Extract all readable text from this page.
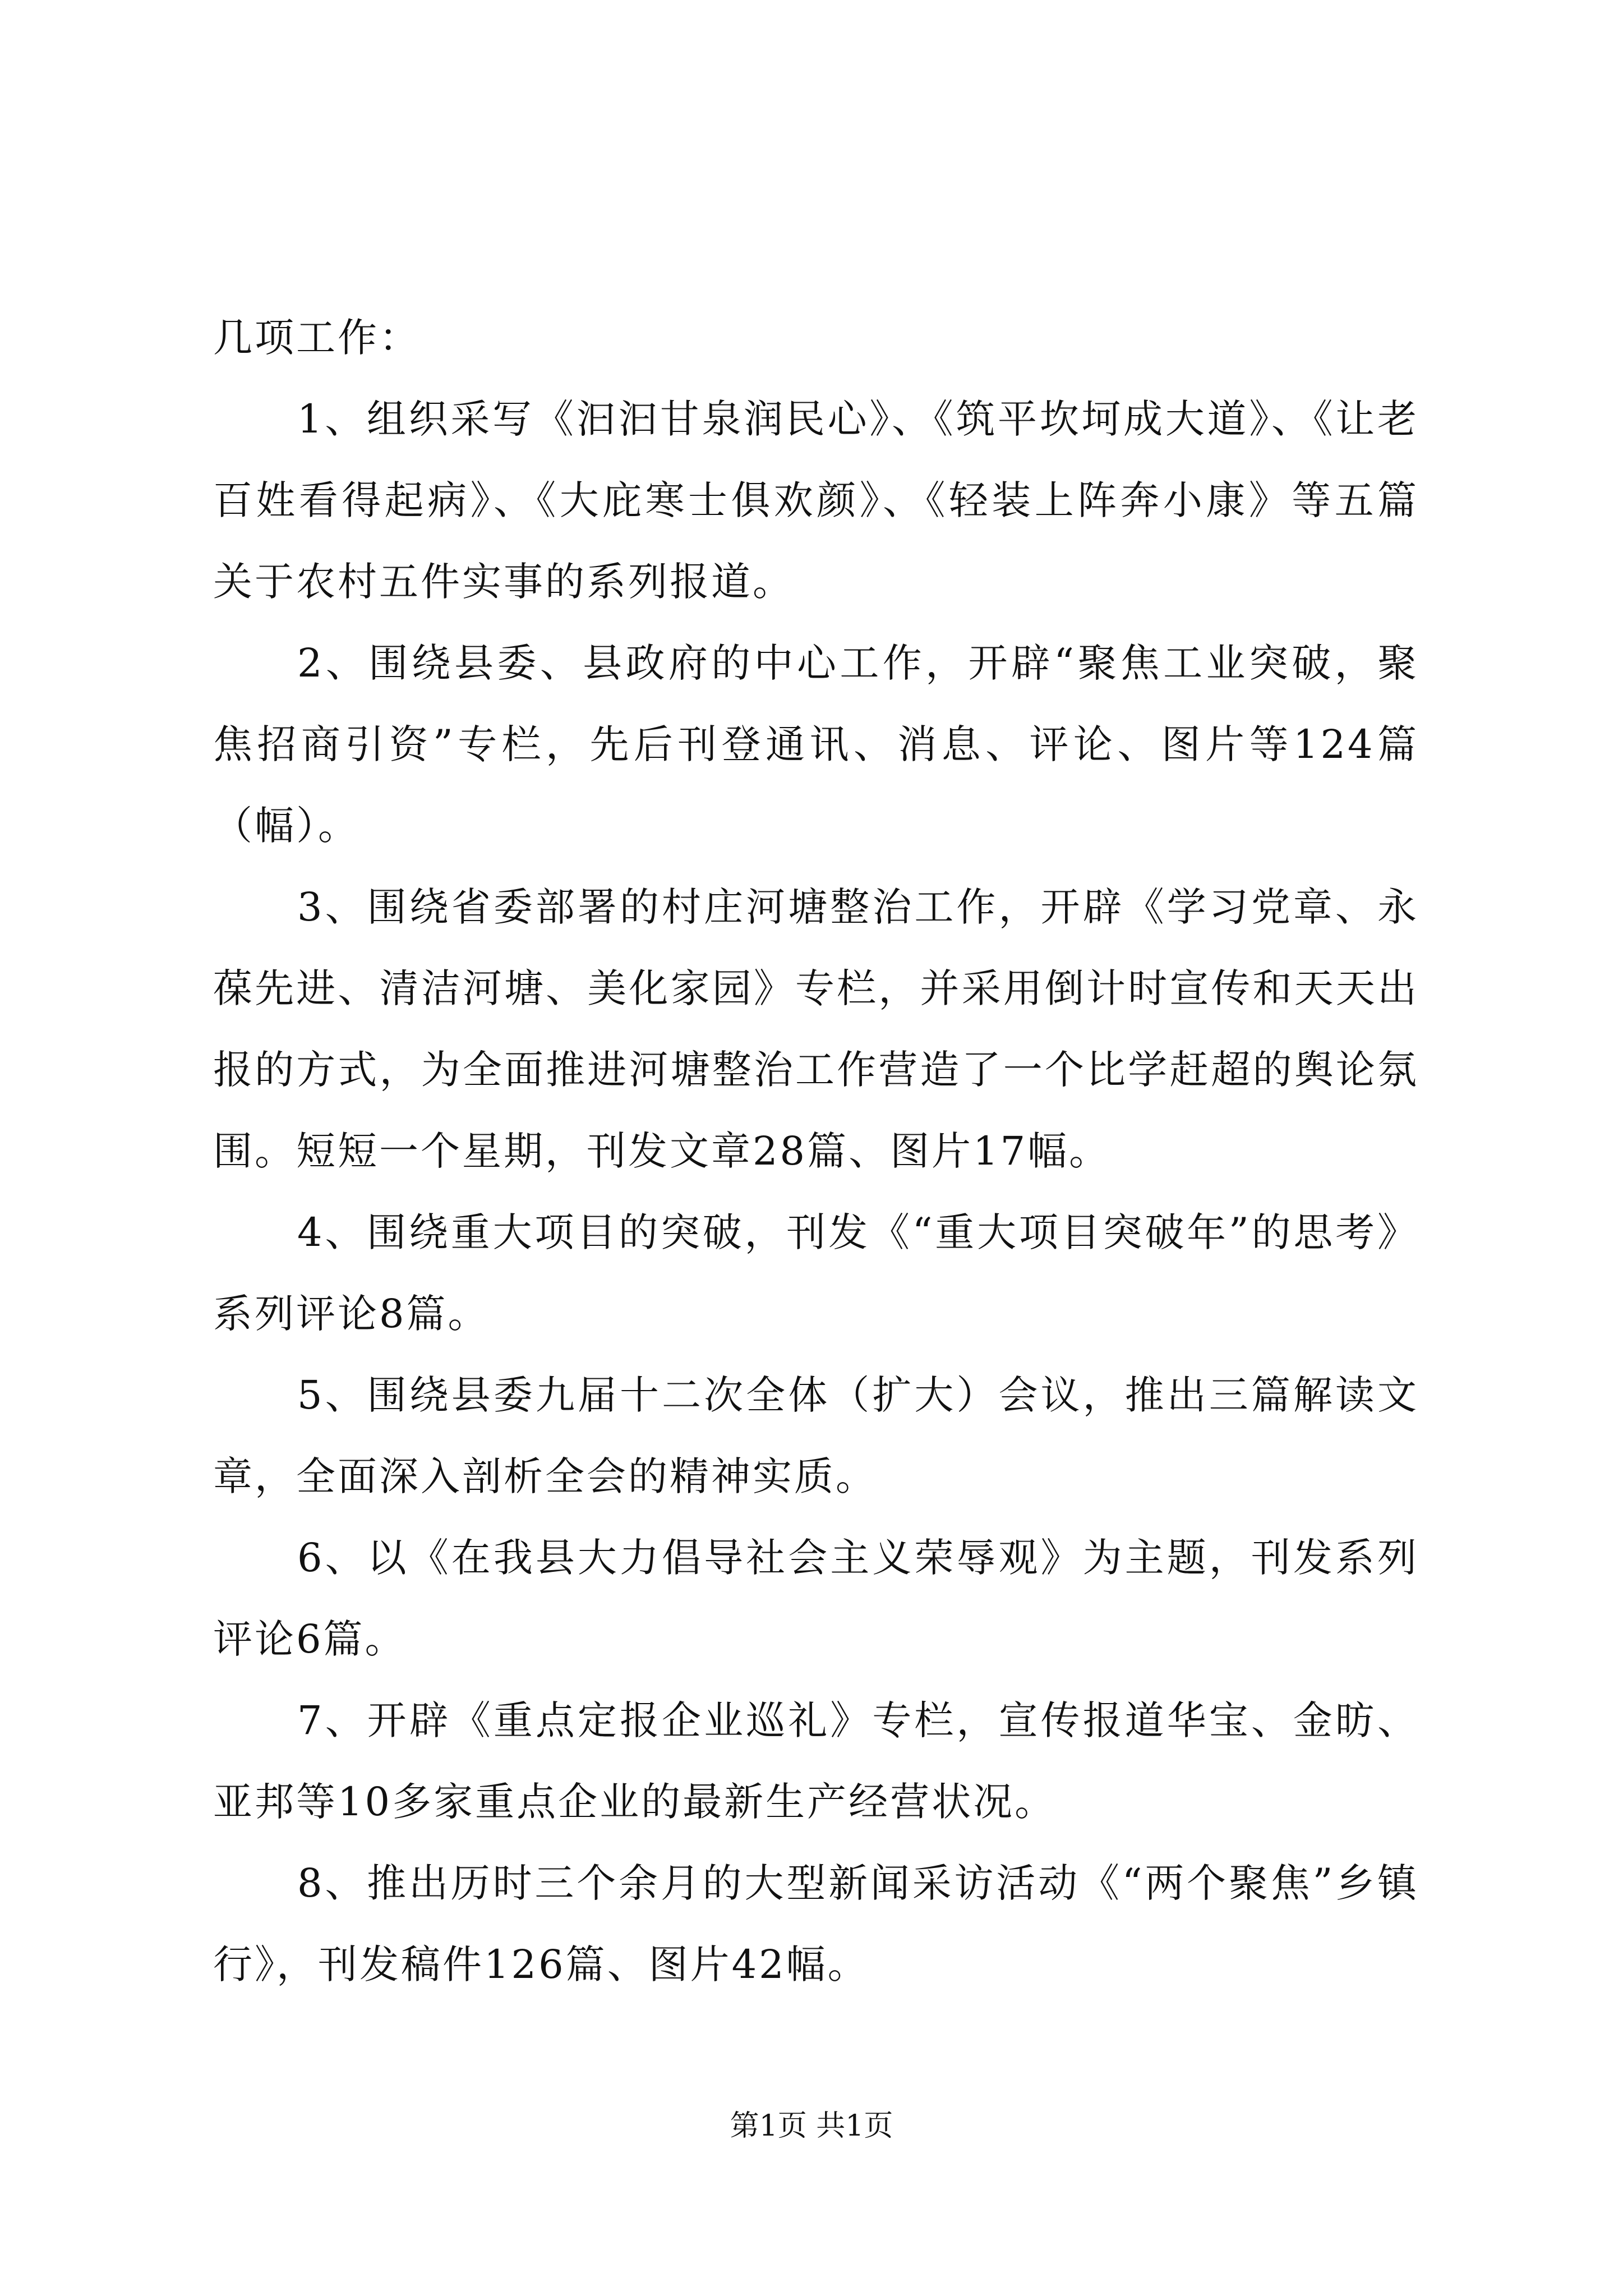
几项工作：

1、组织采写《汩汩甘泉润民心》、《筑平坎坷成大道》、《让老百姓看得起病》、《大庇寒士俱欢颜》、《轻装上阵奔小康》等五篇关于农村五件实事的系列报道。

2、围绕县委、县政府的中心工作，开辟“聚焦工业突破，聚焦招商引资”专栏，先后刊登通讯、消息、评论、图片等124篇（幅）。

3、围绕省委部署的村庄河塘整治工作，开辟《学习党章、永葆先进、清洁河塘、美化家园》专栏，并采用倒计时宣传和天天出报的方式，为全面推进河塘整治工作营造了一个比学赶超的舆论氛围。短短一个星期，刊发文章28篇、图片17幅。

4、围绕重大项目的突破，刊发《“重大项目突破年”的思考》系列评论8篇。

5、围绕县委九届十二次全体（扩大）会议，推出三篇解读文章，全面深入剖析全会的精神实质。

6、以《在我县大力倡导社会主义荣辱观》为主题，刊发系列评论6篇。

7、开辟《重点定报企业巡礼》专栏，宣传报道华宝、金昉、亚邦等10多家重点企业的最新生产经营状况。

8、推出历时三个余月的大型新闻采访活动《“两个聚焦”乡镇行》，刊发稿件126篇、图片42幅。

第1页 共1页
